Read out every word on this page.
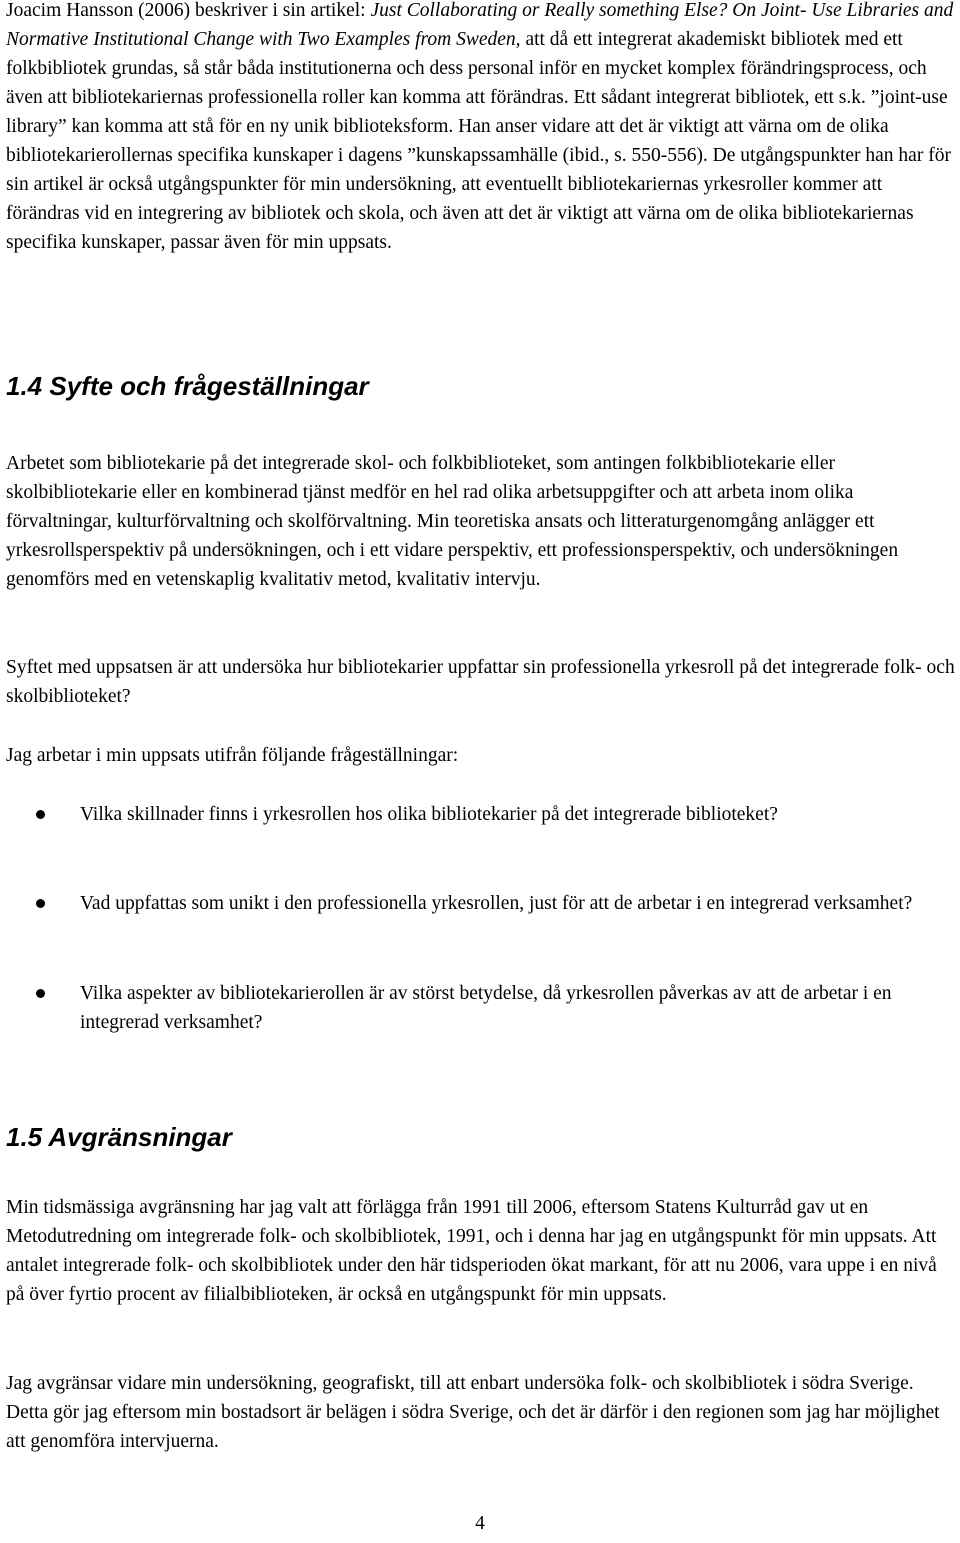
Joacim Hansson (2006) beskriver i sin artikel: Just Collaborating or Really something Else? On Joint- Use Libraries and Normative Institutional Change with Two Examples from Sweden, att då ett integrerat akademiskt bibliotek med ett folkbibliotek grundas, så står båda institutionerna och dess personal inför en mycket komplex förändringsprocess, och även att bibliotekariernas professionella roller kan komma att förändras. Ett sådant integrerat bibliotek, ett s.k. ”joint-use library” kan komma att stå för en ny unik biblioteksform. Han anser vidare att det är viktigt att värna om de olika bibliotekarierollernas specifika kunskaper i dagens ”kunskapssamhälle (ibid., s. 550-556). De utgångspunkter han har för sin artikel är också utgångspunkter för min undersökning, att eventuellt bibliotekariernas yrkesroller kommer att förändras vid en integrering av bibliotek och skola, och även att det är viktigt att värna om de olika bibliotekariernas specifika kunskaper, passar även för min uppsats.

1.4 Syfte och frågeställningar

Arbetet som bibliotekarie på det integrerade skol- och folkbiblioteket, som antingen folkbibliotekarie eller skolbibliotekarie eller en kombinerad tjänst medför en hel rad olika arbetsuppgifter och att arbeta inom olika förvaltningar, kulturförvaltning och skolförvaltning. Min teoretiska ansats och litteraturgenomgång anlägger ett yrkesrollsperspektiv på undersökningen, och i ett vidare perspektiv, ett professionsperspektiv, och undersökningen genomförs med en vetenskaplig kvalitativ metod, kvalitativ intervju.

Syftet med uppsatsen är att undersöka hur bibliotekarier uppfattar sin professionella yrkesroll på det integrerade folk- och skolbiblioteket?

Jag arbetar i min uppsats utifrån följande frågeställningar:

Vilka skillnader finns i yrkesrollen hos olika bibliotekarier på det integrerade biblioteket?
Vad uppfattas som unikt i den professionella yrkesrollen, just för att de arbetar i en integrerad verksamhet?
Vilka aspekter av bibliotekarierollen är av störst betydelse, då yrkesrollen påverkas av att de arbetar i en integrerad verksamhet?
1.5 Avgränsningar

Min tidsmässiga avgränsning har jag valt att förlägga från 1991 till 2006, eftersom Statens Kulturråd gav ut en Metodutredning om integrerade folk- och skolbibliotek, 1991, och i denna har jag en utgångspunkt för min uppsats. Att antalet integrerade folk- och skolbibliotek under den här tidsperioden ökat markant, för att nu 2006, vara uppe i en nivå på över fyrtio procent av filialbiblioteken, är också en utgångspunkt för min uppsats.

Jag avgränsar vidare min undersökning, geografiskt, till att enbart undersöka folk- och skolbibliotek i södra Sverige. Detta gör jag eftersom min bostadsort är belägen i södra Sverige, och det är därför i den regionen som jag har möjlighet att genomföra intervjuerna.

4
